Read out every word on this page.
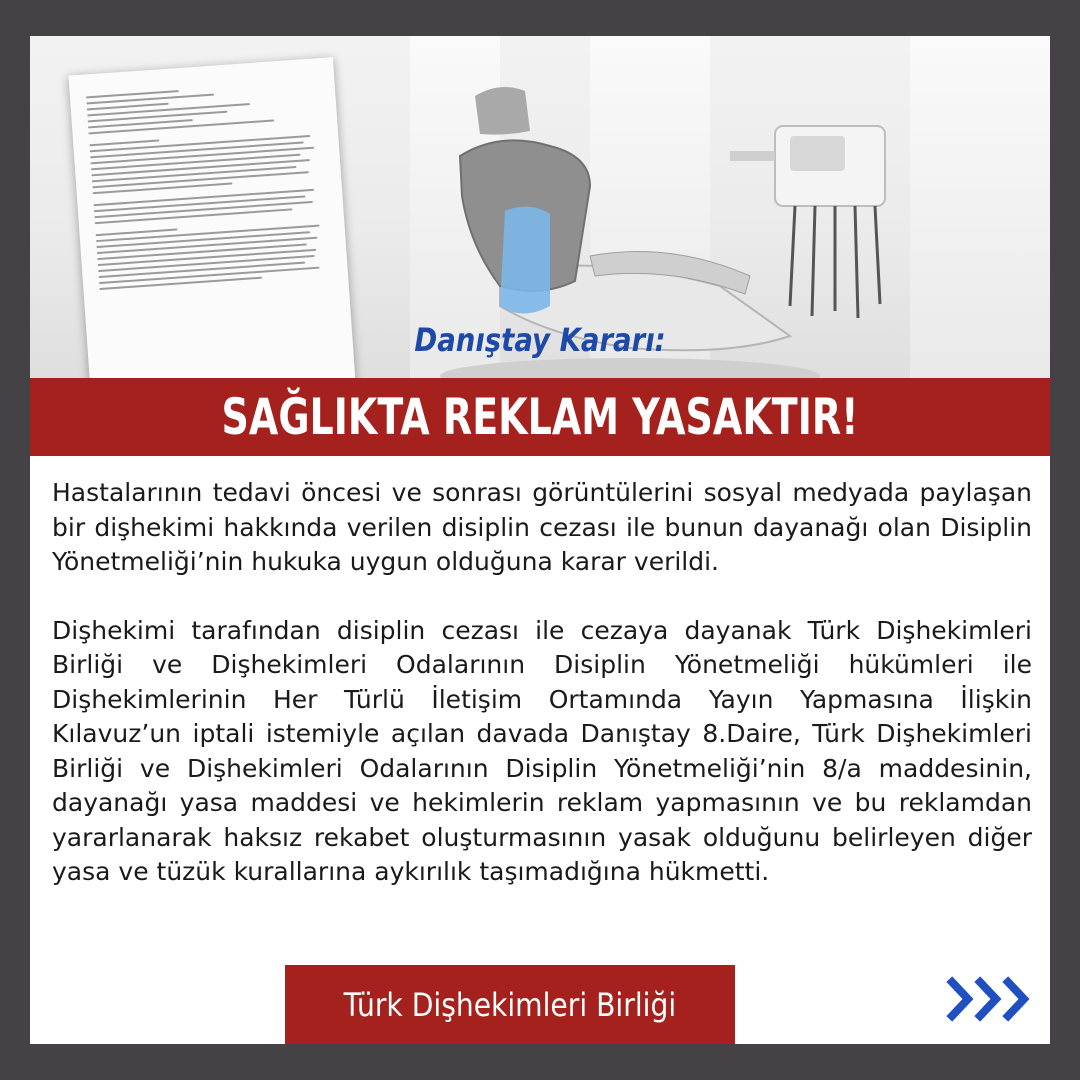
Danıştay Kararı:
SAĞLIKTA REKLAM YASAKTIR!

Hastalarının tedavi öncesi ve sonrası görüntülerini sosyal medyada paylaşan bir dişhekimi hakkında verilen disiplin cezası ile bunun dayanağı olan Disiplin Yönetmeliği’nin hukuka uygun olduğuna karar verildi.

Dişhekimi tarafından disiplin cezası ile cezaya dayanak Türk Dişhekimleri Birliği ve Dişhekimleri Odalarının Disiplin Yönetmeliği hükümleri ile Dişhekimlerinin Her Türlü İletişim Ortamında Yayın Yapmasına İlişkin Kılavuz’un iptali istemiyle açılan davada Danıştay 8.Daire, Türk Dişhekimleri Birliği ve Dişhekimleri Odalarının Disiplin Yönetmeliği’nin 8/a maddesinin, dayanağı yasa maddesi ve hekimlerin reklam yapmasının ve bu reklamdan yararlanarak haksız rekabet oluşturmasının yasak olduğunu belirleyen diğer yasa ve tüzük kurallarına aykırılık taşımadığına hükmetti.

Türk Dişhekimleri Birliği
